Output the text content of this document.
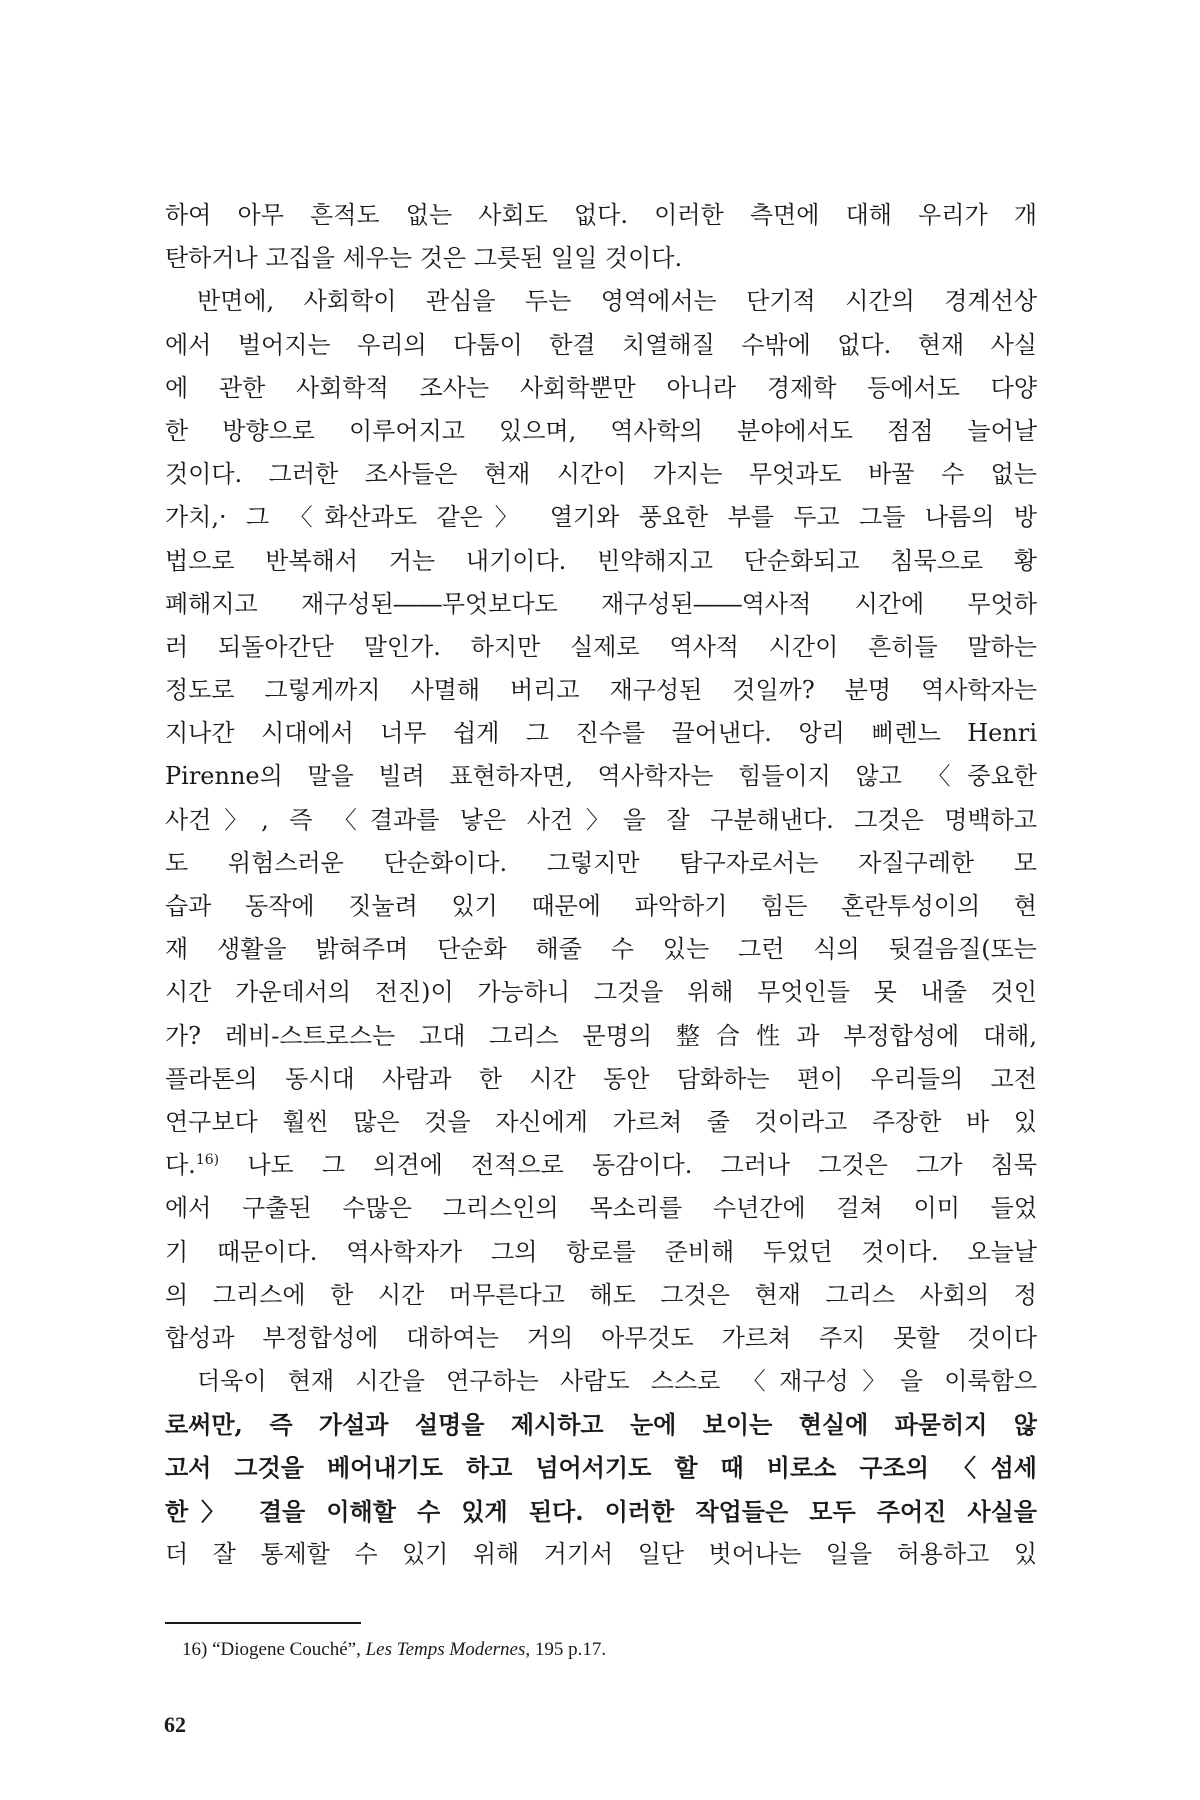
하여 아무 흔적도 없는 사회도 없다. 이러한 측면에 대해 우리가 개
탄하거나 고집을 세우는 것은 그릇된 일일 것이다.
반면에, 사회학이 관심을 두는 영역에서는 단기적 시간의 경계선상
에서 벌어지는 우리의 다툼이 한결 치열해질 수밖에 없다. 현재 사실
에 관한 사회학적 조사는 사회학뿐만 아니라 경제학 등에서도 다양
한 방향으로 이루어지고 있으며, 역사학의 분야에서도 점점 늘어날
것이다. 그러한 조사들은 현재 시간이 가지는 무엇과도 바꿀 수 없는
가치,· 그 〈화산과도 같은〉 열기와 풍요한 부를 두고 그들 나름의 방
법으로 반복해서 거는 내기이다. 빈약해지고 단순화되고 침묵으로 황
폐해지고 재구성된――무엇보다도 재구성된――역사적 시간에 무엇하
러 되돌아간단 말인가. 하지만 실제로 역사적 시간이 흔히들 말하는
정도로 그렇게까지 사멸해 버리고 재구성된 것일까? 분명 역사학자는
지나간 시대에서 너무 쉽게 그 진수를 끌어낸다. 앙리 삐렌느 Henri
Pirenne의 말을 빌려 표현하자면, 역사학자는 힘들이지 않고 〈중요한
사건〉, 즉 〈결과를 낳은 사건〉을 잘 구분해낸다. 그것은 명백하고
도 위험스러운 단순화이다. 그렇지만 탐구자로서는 자질구레한 모
습과 동작에 짓눌려 있기 때문에 파악하기 힘든 혼란투성이의 현
재 생활을 밝혀주며 단순화 해줄 수 있는 그런 식의 뒷걸음질(또는
시간 가운데서의 전진)이 가능하니 그것을 위해 무엇인들 못 내줄 것인
가? 레비-스트로스는 고대 그리스 문명의 整合性과 부정합성에 대해,
플라톤의 동시대 사람과 한 시간 동안 담화하는 편이 우리들의 고전
연구보다 훨씬 많은 것을 자신에게 가르쳐 줄 것이라고 주장한 바 있
다.$^{16)}$ 나도 그 의견에 전적으로 동감이다. 그러나 그것은 그가 침묵
에서 구출된 수많은 그리스인의 목소리를 수년간에 걸쳐 이미 들었
기 때문이다. 역사학자가 그의 항로를 준비해 두었던 것이다. 오늘날
의 그리스에 한 시간 머무른다고 해도 그것은 현재 그리스 사회의 정
합성과 부정합성에 대하여는 거의 아무것도 가르쳐 주지 못할 것이다
더욱이 현재 시간을 연구하는 사람도 스스로 〈재구성〉을 이룩함으
로써만, 즉 가설과 설명을 제시하고 눈에 보이는 현실에 파묻히지 않
고서 그것을 베어내기도 하고 넘어서기도 할 때 비로소 구조의 〈섬세
한〉 결을 이해할 수 있게 된다. 이러한 작업들은 모두 주어진 사실을
더 잘 통제할 수 있기 위해 거기서 일단 벗어나는 일을 허용하고 있
16) “Diogene Couché”, Les Temps Modernes, 195 p.17.
62
